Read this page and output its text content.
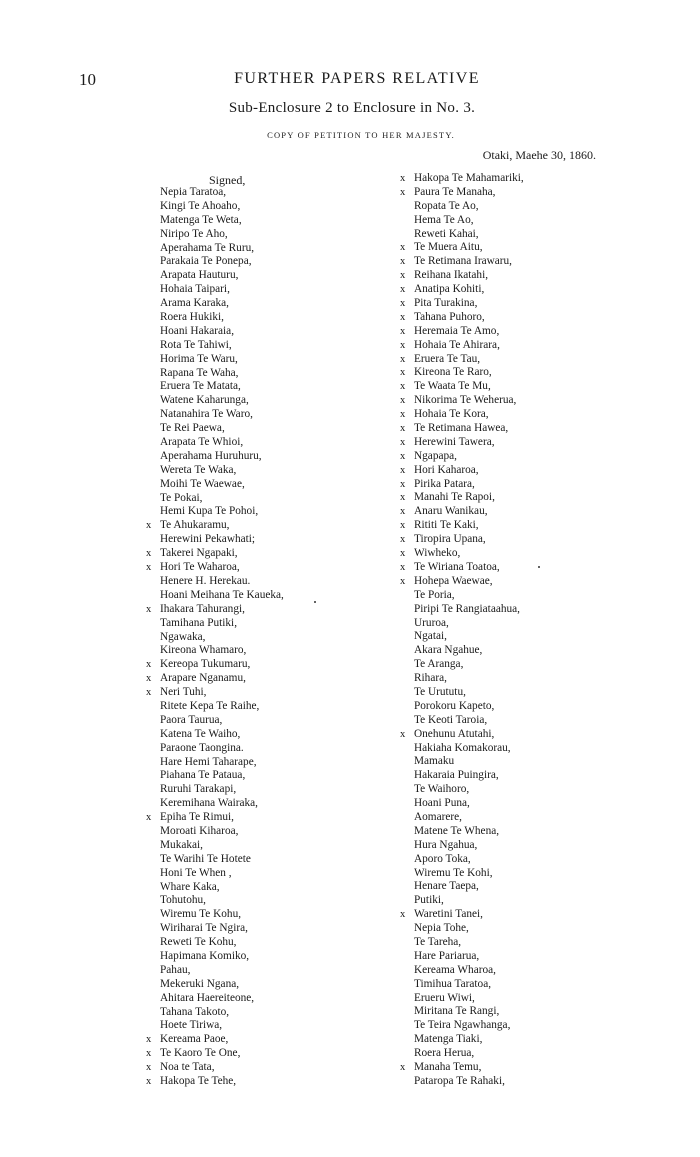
10	FURTHER PAPERS RELATIVE
Sub-Enclosure 2 to Enclosure in No. 3.
COPY OF PETITION TO HER MAJESTY.
Otaki, Maehe 30, 1860.
Signed,
Nepia Taratoa,
Kingi Te Ahoaho,
Matenga Te Weta,
Niripo Te Aho,
Aperahama Te Ruru,
Parakaia Te Ponepa,
Arapata Hauturu,
Hohaia Taipari,
Arama Karaka,
Roera Hukiki,
Hoani Hakaraia,
Rota Te Tahiwi,
Horima Te Waru,
Rapana Te Waha,
Eruera Te Matata,
Watene Kaharunga,
Natanahira Te Waro,
Te Rei Paewa,
Arapata Te Whioi,
Aperahama Huruhuru,
Wereta Te Waka,
Moihi Te Waewae,
Te Pokai,
Hemi Kupa Te Pohoi,
x Te Ahukaramu,
Herewini Pekawhati;
x Takerei Ngapaki,
x Hori Te Waharoa,
Henere H. Herekau.
Hoani Meihana Te Kaueka,
x Ihakara Tahurangi,
Tamihana Putiki,
Ngawaka,
Kireona Whamaro,
x Kereopa Tukumaru,
x Arapare Nganamu,
x Neri Tuhi,
Ritete Kepa Te Raihe,
Paora Taurua,
Katena Te Waiho,
Paraone Taongina.
Hare Hemi Taharape,
Piahana Te Pataua,
Ruruhi Tarakapi,
Keremihana Wairaka,
x Epiha Te Rimui,
Moroati Kiharoa,
Mukakai,
Te Warihi Te Hotete
Honi Te When ,
Whare Kaka,
Tohutohu,
Wiremu Te Kohu,
Wiriharai Te Ngira,
Reweti Te Kohu,
Hapimana Komiko,
Pahau,
Mekeruki Ngana,
Ahitara Haereiteone,
Tahana Takoto,
Hoete Tiriwa,
x Kereama Paoe,
x Te Kaoro Te One,
x Noa te Tata,
x Hakopa Te Tehe,
x Hakopa Te Mahamariki,
x Paura Te Manaha,
Ropata Te Ao,
Hema Te Ao,
Reweti Kahai,
x Te Muera Aitu,
x Te Retimana Irawaru,
x Reihana Ikatahi,
x Anatipa Kohiti,
x Pita Turakina,
x Tahana Puhoro,
x Heremaia Te Amo,
x Hohaia Te Ahirara,
x Eruera Te Tau,
x Kireona Te Raro,
x Te Waata Te Mu,
x Nikorima Te Weherua,
x Hohaia Te Kora,
x Te Retimana Hawea,
x Herewini Tawera,
x Ngapapa,
x Hori Kaharoa,
x Pirika Patara,
x Manahi Te Rapoi,
x Anaru Wanikau,
x Rititi Te Kaki,
x Tiropira Upana,
x Wiwheko,
x Te Wiriana Toatoa,
x Hohepa Waewae,
Te Poria,
Piripi Te Rangiataahua,
Ururoa,
Ngatai,
Akara Ngahue,
Te Aranga,
Rihara,
Te Urututu,
Porokoru Kapeto,
Te Keoti Taroia,
x Onehunu Atutahi,
Hakiaha Komakorau,
Mamaku
Hakaraia Puingira,
Te Waihoro,
Hoani Puna,
Aomarere,
Matene Te Whena,
Hura Ngahua,
Aporo Toka,
Wiremu Te Kohi,
Henare Taepa,
Putiki,
x Waretini Tanei,
Nepia Tohe,
Te Tareha,
Hare Pariarua,
Kereama Wharoa,
Timihua Taratoa,
Erueru Wiwi,
Miritana Te Rangi,
Te Teira Ngawhanga,
Matenga Tiaki,
Roera Herua,
x Manaha Temu,
Pataropa Te Rahaki,
